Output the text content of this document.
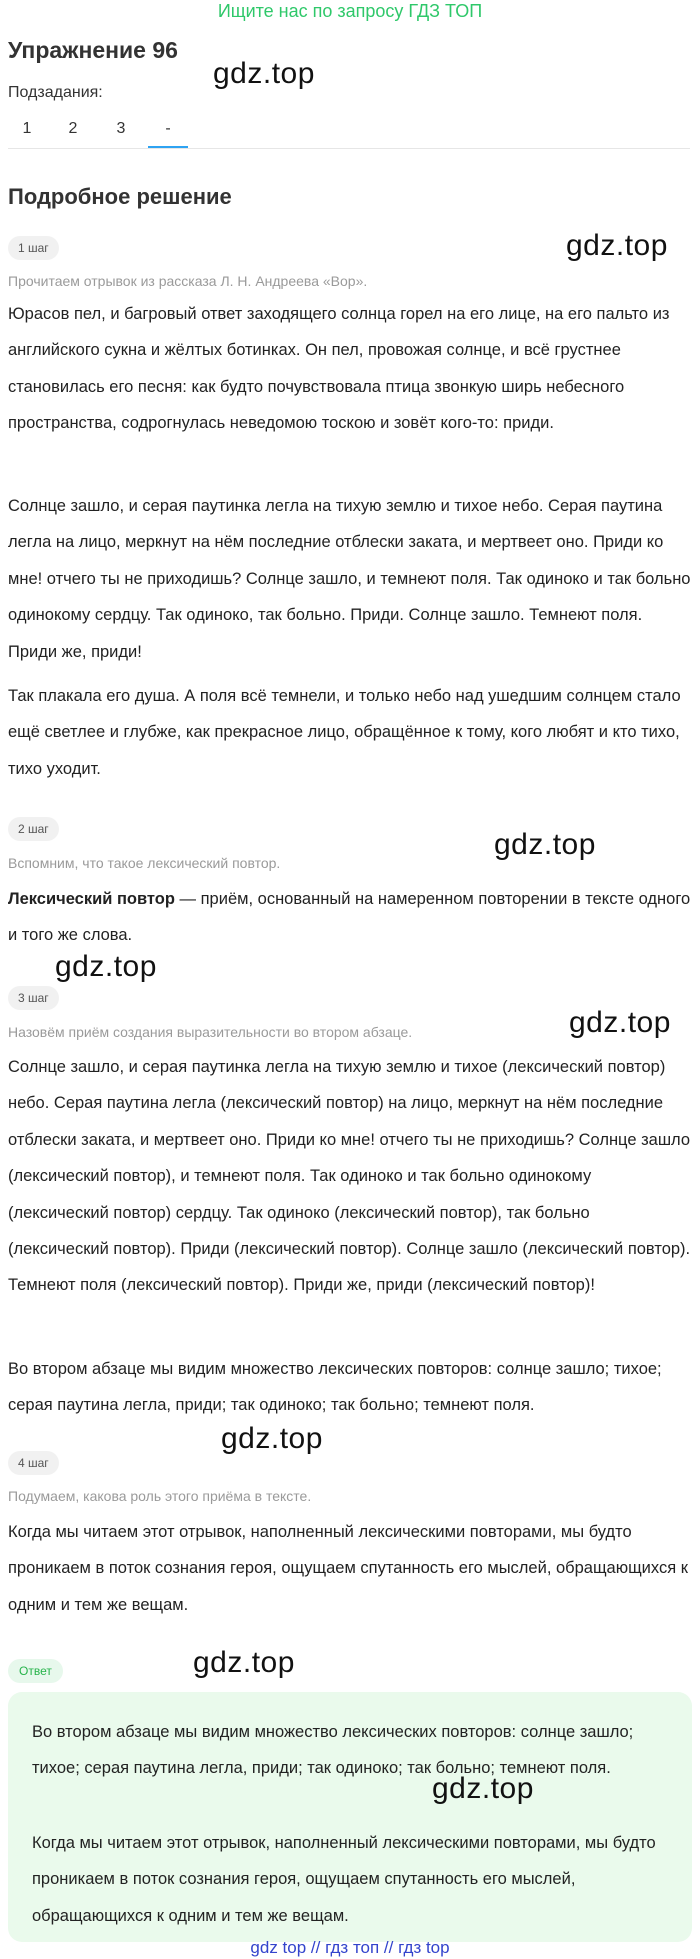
Ищите нас по запросу ГДЗ ТОП
Упражнение 96
gdz.top
Подзадания:
1	2	3	-
Подробное решение
1 шаг	gdz.top
Прочитаем отрывок из рассказа Л. Н. Андреева «Вор».

Юрасов пел, и багровый ответ заходящего солнца горел на его лице, на его пальто из английского сукна и жёлтых ботинках. Он пел, провожая солнце, и всё грустнее становилась его песня: как будто почувствовала птица звонкую ширь небесного пространства, содрогнулась неведомою тоскою и зовёт кого-то: приди.

Солнце зашло, и серая паутинка легла на тихую землю и тихое небо. Серая паутина легла на лицо, меркнут на нём последние отблески заката, и мертвеет оно. Приди ко мне! отчего ты не приходишь? Солнце зашло, и темнеют поля. Так одиноко и так больно одинокому сердцу. Так одиноко, так больно. Приди. Солнце зашло. Темнеют поля. Приди же, приди!

Так плакала его душа. А поля всё темнели, и только небо над ушедшим солнцем стало ещё светлее и глубже, как прекрасное лицо, обращённое к тому, кого любят и кто тихо, тихо уходит.

2 шаг	gdz.top
Вспомним, что такое лексический повтор.

Лексический повтор — приём, основанный на намеренном повторении в тексте одного и того же слова.

gdz.top
3 шаг
gdz.top
Назовём приём создания выразительности во втором абзаце.

Солнце зашло, и серая паутинка легла на тихую землю и тихое (лексический повтор) небо. Серая паутина легла (лексический повтор) на лицо, меркнут на нём последние отблески заката, и мертвеет оно. Приди ко мне! отчего ты не приходишь? Солнце зашло (лексический повтор), и темнеют поля. Так одиноко и так больно одинокому (лексический повтор) сердцу. Так одиноко (лексический повтор), так больно (лексический повтор). Приди (лексический повтор). Солнце зашло (лексический повтор). Темнеют поля (лексический повтор). Приди же, приди (лексический повтор)!

Во втором абзаце мы видим множество лексических повторов: солнце зашло; тихое; серая паутина легла, приди; так одиноко; так больно; темнеют поля.

gdz.top
4 шаг
Подумаем, какова роль этого приёма в тексте.

Когда мы читаем этот отрывок, наполненный лексическими повторами, мы будто проникаем в поток сознания героя, ощущаем спутанность его мыслей, обращающихся к одним и тем же вещам.

Ответ	gdz.top

Во втором абзаце мы видим множество лексических повторов: солнце зашло; тихое; серая паутина легла, приди; так одиноко; так больно; темнеют поля.

Когда мы читаем этот отрывок, наполненный лексическими повторами, мы будто проникаем в поток сознания героя, ощущаем спутанность его мыслей, обращающихся к одним и тем же вещам.

gdz.top
gdz top // гдз топ // гдз top
